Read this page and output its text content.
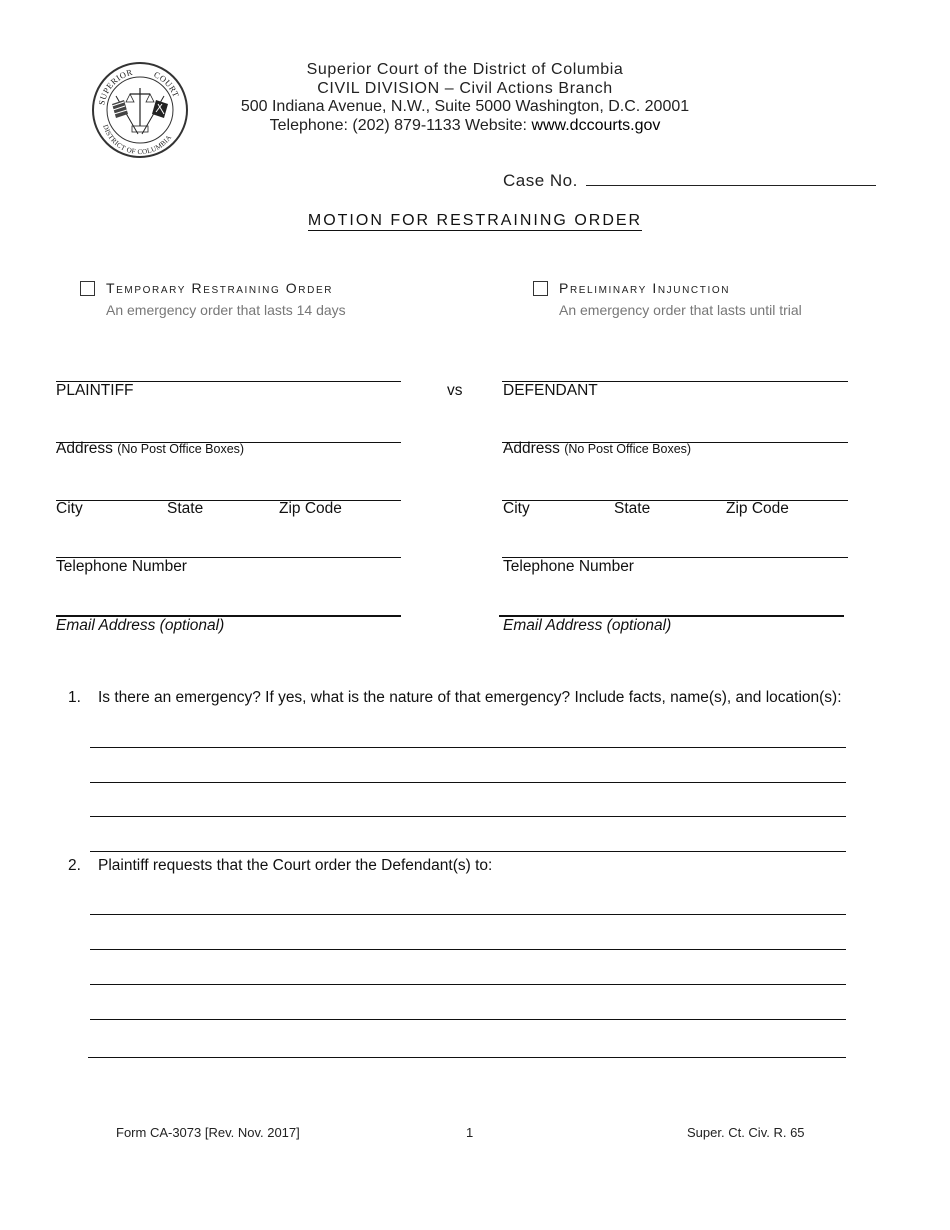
SUPERIOR COURT
DISTRICT OF COLUMBIA
Superior Court of the District of Columbia
CIVIL DIVISION – Civil Actions Branch
500 Indiana Avenue, N.W., Suite 5000 Washington, D.C. 20001
Telephone: (202) 879-1133 Website: www.dccourts.gov
Case No.
MOTION FOR RESTRAINING ORDER
Temporary Restraining Order
An emergency order that lasts 14 days
Preliminary Injunction
An emergency order that lasts until trial
PLAINTIFF	vs
Address (No Post Office Boxes)
City	State	Zip Code
Telephone Number
Email Address (optional)
DEFENDANT
Address (No Post Office Boxes)
City	State	Zip Code
Telephone Number
Email Address (optional)
1. Is there an emergency? If yes, what is the nature of that emergency? Include facts, name(s), and location(s):
2. Plaintiff requests that the Court order the Defendant(s) to:
Form CA-3073 [Rev. Nov. 2017]	1	Super. Ct. Civ. R. 65
